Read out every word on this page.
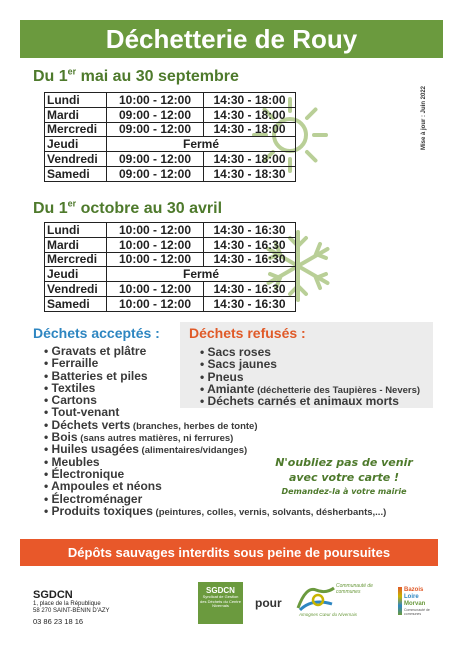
Déchetterie de Rouy
Mise à jour : Juin 2022
Du 1er mai au 30 septembre
Lundi	10:00 - 12:00	14:30 - 18:00
Mardi	09:00 - 12:00	14:30 - 18:00
Mercredi	09:00 - 12:00	14:30 - 18:00
Jeudi	Fermé	
Vendredi	09:00 - 12:00	14:30 - 18:00
Samedi	09:00 - 12:00	14:30 - 18:30
Du 1er octobre au 30 avril
Lundi	10:00 - 12:00	14:30 - 16:30
Mardi	10:00 - 12:00	14:30 - 16:30
Mercredi	10:00 - 12:00	14:30 - 16:30
Jeudi	Fermé	
Vendredi	10:00 - 12:00	14:30 - 16:30
Samedi	10:00 - 12:00	14:30 - 16:30
Déchets acceptés : Déchets refusés :
• Gravats et plâtre
• Ferraille
• Batteries et piles
• Textiles
• Cartons
• Tout-venant
• Déchets verts (branches, herbes de tonte)
• Bois (sans autres matières, ni ferrures)
• Huiles usagées (alimentaires/vidanges)
• Meubles
• Électronique
• Ampoules et néons
• Électroménager
• Produits toxiques (peintures, colles, vernis, solvants, désherbants,...)
• Sacs roses
• Sacs jaunes
• Pneus
• Amiante (déchetterie des Taupières - Nevers)
• Déchets carnés et animaux morts
N'oubliez pas de venir
avec votre carte !
Demandez-la à votre mairie
Dépôts sauvages interdits sous peine de poursuites
SGDCN
1, place de la République
58 270 SAINT-BENIN D'AZY
03 86 23 18 16
SGDCN
Syndicat de Gestion des Déchets du Centre Nivernais	pour
Communauté de communes
Amognes Cœur du Nivernais
Bazois
Loire
Morvan
Communauté de communes
